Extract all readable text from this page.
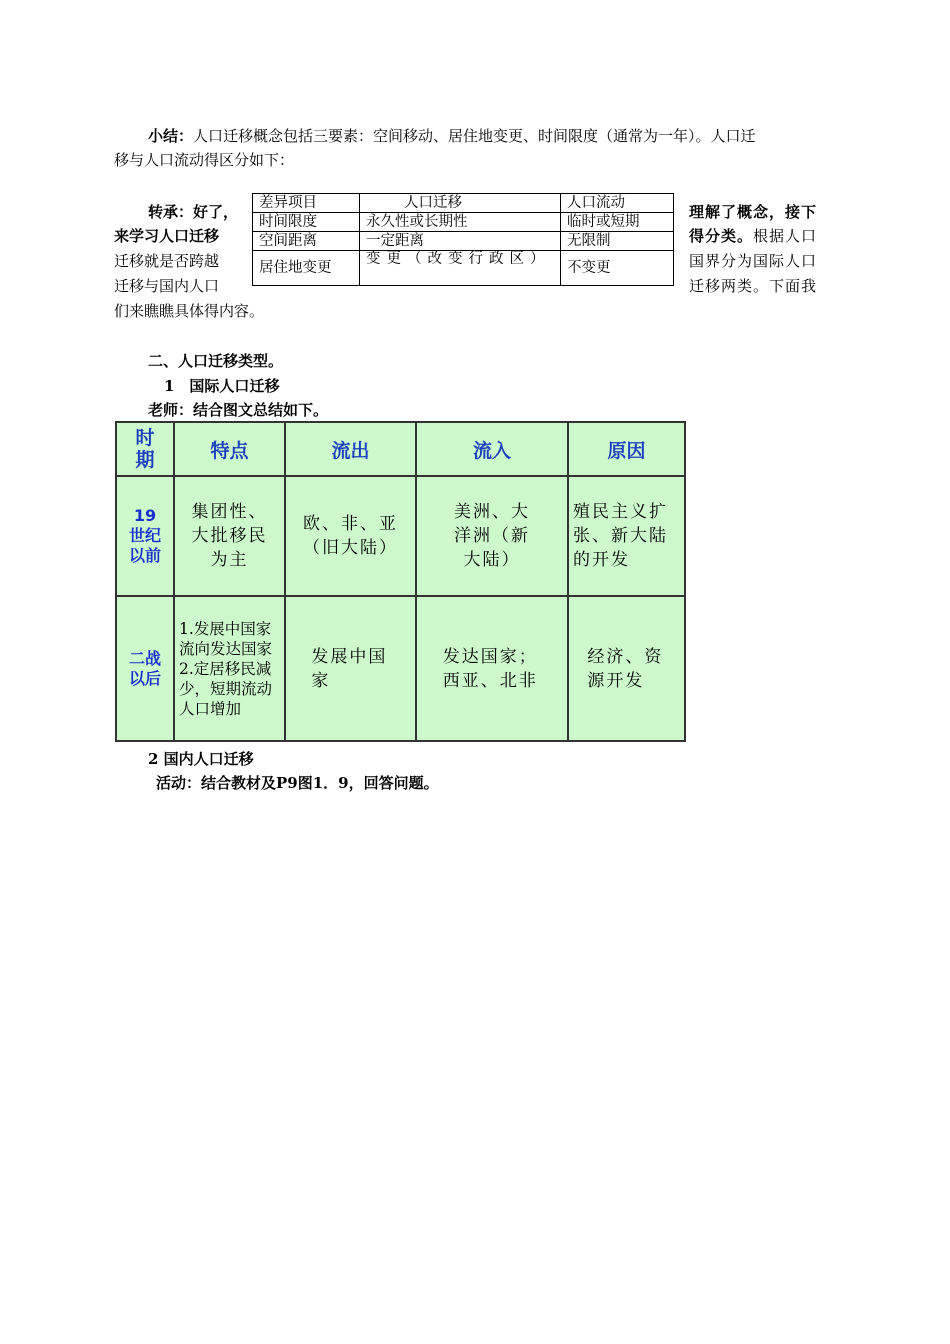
小结：人口迁移概念包括三要素：空间移动、居住地变更、时间限度（通常为一年）。人口迁
移与人口流动得区分如下：
转承：好了，
来学习人口迁移
迁移就是否跨越
迁移与国内人口
理解了概念，接下
得分类。根据人口
国界分为国际人口
迁移两类。下面我
们来瞧瞧具体得内容。
差异项目	人口迁移	人口流动
时间限度	永久性或长期性	临时或短期
空间距离	一定距离	无限制
居住地变更	变更（改变行政区）	不变更
二、人口迁移类型。
1　国际人口迁移
老师：结合图文总结如下。
时期	特点	流出	流入	原因
19世纪以前	集团性、大批移民为主	欧、非、亚（旧大陆）	美洲、大洋洲（新大陆）	殖民主义扩张、新大陆的开发
二战以后	1.发展中国家流向发达国家2.定居移民减少，短期流动人口增加	发展中国家	发达国家；西亚、北非	经济、资源开发
2 国内人口迁移
活动：结合教材及P9图1．9，回答问题。
